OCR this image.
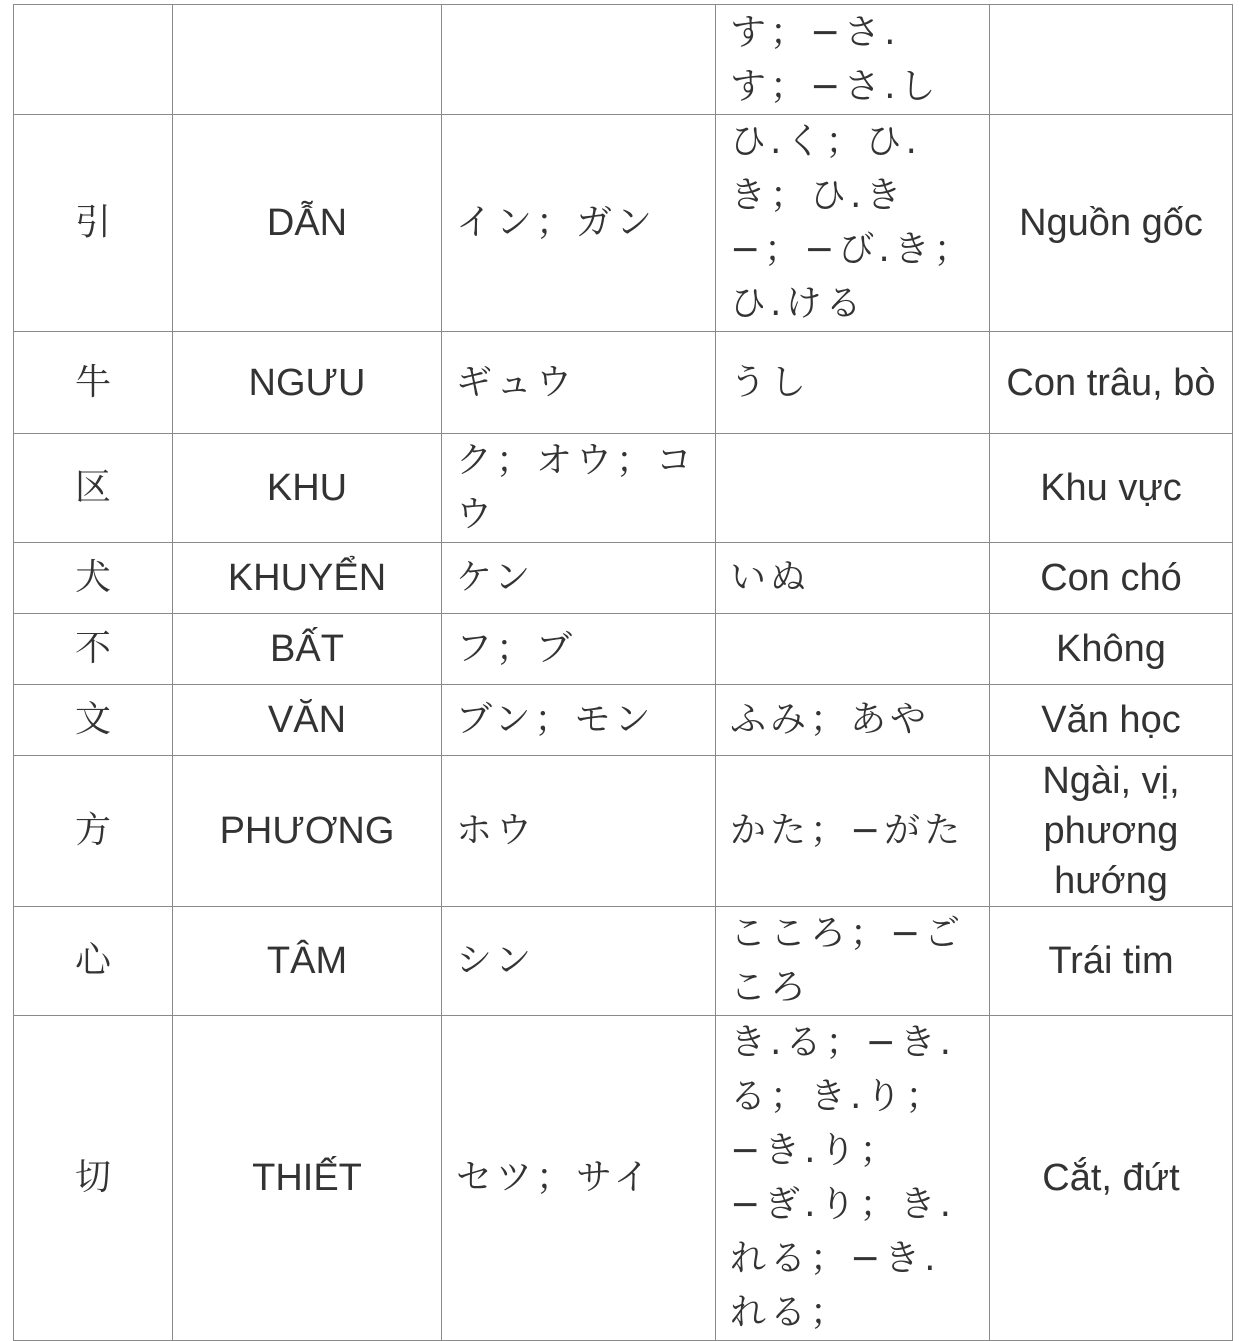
			す；−さ.す；−さ.し	
引	DẪN	イン；ガン	ひ.く；ひ.き；ひ.き−；−び.き；ひ.ける	Nguồn gốc
牛	NGƯU	ギュウ	うし	Con trâu, bò
区	KHU	ク；オウ；コウ		Khu vực
犬	KHUYỂN	ケン	いぬ	Con chó
不	BẤT	フ；ブ		Không
文	VĂN	ブン；モン	ふみ；あや	Văn học
方	PHƯƠNG	ホウ	かた；−がた	Ngài, vị, phương hướng
心	TÂM	シン	こころ；−ごころ	Trái tim
切	THIẾT	セツ；サイ	き.る；−き.る；き.り；−き.り；−ぎ.り；き.れる；−き.れる；	Cắt, đứt
